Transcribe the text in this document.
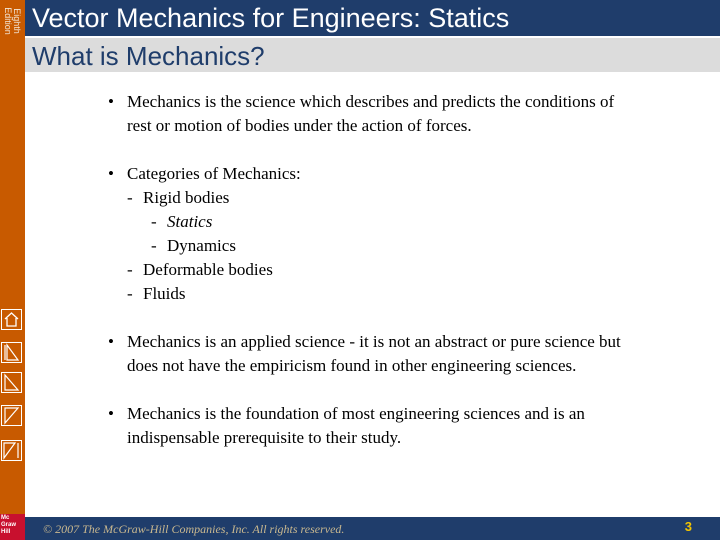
Eighth
Edition Vector Mechanics for Engineers: Statics
What is Mechanics?

• Mechanics is the science which describes and predicts the conditions of rest or motion of bodies under the action of forces.

• Categories of Mechanics:

- Rigid bodies

- Statics

- Dynamics

- Deformable bodies

- Fluids

• Mechanics is an applied science - it is not an abstract or pure science but does not have the empiricism found in other engineering sciences.

• Mechanics is the foundation of most engineering sciences and is an indispensable prerequisite to their study.

© 2007 The McGraw-Hill Companies, Inc. All rights reserved.	3
Mc
Graw
Hill
